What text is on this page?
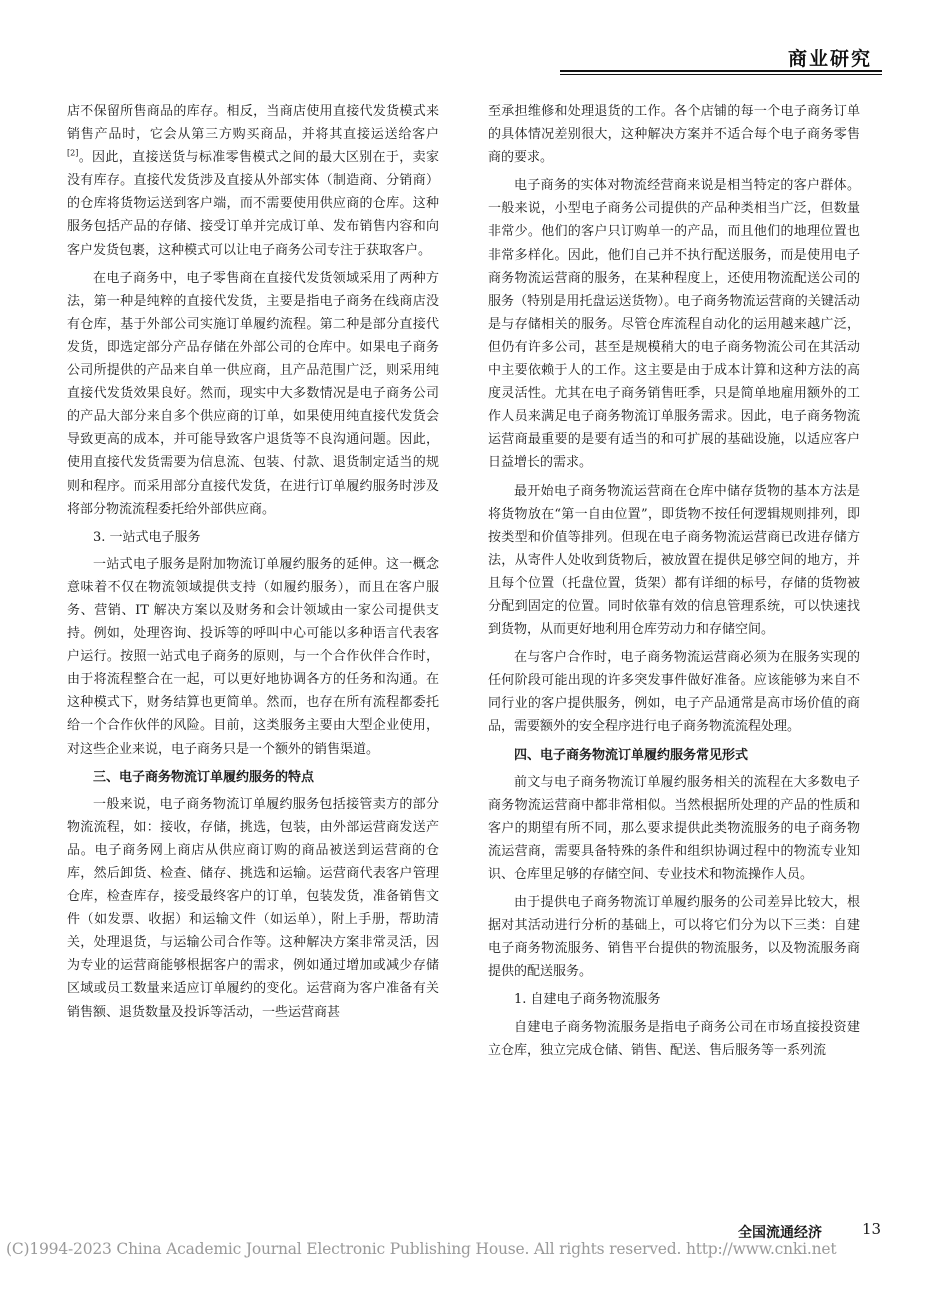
商业研究

店不保留所售商品的库存。相反，当商店使用直接代发货模式来销售产品时，它会从第三方购买商品，并将其直接运送给客户[2]。因此，直接送货与标准零售模式之间的最大区别在于，卖家没有库存。直接代发货涉及直接从外部实体（制造商、分销商）的仓库将货物运送到客户端，而不需要使用供应商的仓库。这种服务包括产品的存储、接受订单并完成订单、发布销售内容和向客户发货包裹，这种模式可以让电子商务公司专注于获取客户。

在电子商务中，电子零售商在直接代发货领域采用了两种方法，第一种是纯粹的直接代发货，主要是指电子商务在线商店没有仓库，基于外部公司实施订单履约流程。第二种是部分直接代发货，即选定部分产品存储在外部公司的仓库中。如果电子商务公司所提供的产品来自单一供应商，且产品范围广泛，则采用纯直接代发货效果良好。然而，现实中大多数情况是电子商务公司的产品大部分来自多个供应商的订单，如果使用纯直接代发货会导致更高的成本，并可能导致客户退货等不良沟通问题。因此，使用直接代发货需要为信息流、包装、付款、退货制定适当的规则和程序。而采用部分直接代发货，在进行订单履约服务时涉及将部分物流流程委托给外部供应商。

3. 一站式电子服务

一站式电子服务是附加物流订单履约服务的延伸。这一概念意味着不仅在物流领域提供支持（如履约服务），而且在客户服务、营销、IT 解决方案以及财务和会计领域由一家公司提供支持。例如，处理咨询、投诉等的呼叫中心可能以多种语言代表客户运行。按照一站式电子商务的原则，与一个合作伙伴合作时，由于将流程整合在一起，可以更好地协调各方的任务和沟通。在这种模式下，财务结算也更简单。然而，也存在所有流程都委托给一个合作伙伴的风险。目前，这类服务主要由大型企业使用，对这些企业来说，电子商务只是一个额外的销售渠道。

三、电子商务物流订单履约服务的特点

一般来说，电子商务物流订单履约服务包括接管卖方的部分物流流程，如：接收，存储，挑选，包装，由外部运营商发送产品。电子商务网上商店从供应商订购的商品被送到运营商的仓库，然后卸货、检查、储存、挑选和运输。运营商代表客户管理仓库，检查库存，接受最终客户的订单，包装发货，准备销售文件（如发票、收据）和运输文件（如运单），附上手册，帮助清关，处理退货，与运输公司合作等。这种解决方案非常灵活，因为专业的运营商能够根据客户的需求，例如通过增加或减少存储区域或员工数量来适应订单履约的变化。运营商为客户准备有关销售额、退货数量及投诉等活动，一些运营商甚

至承担维修和处理退货的工作。各个店铺的每一个电子商务订单的具体情况差别很大，这种解决方案并不适合每个电子商务零售商的要求。

电子商务的实体对物流经营商来说是相当特定的客户群体。一般来说，小型电子商务公司提供的产品种类相当广泛，但数量非常少。他们的客户只订购单一的产品，而且他们的地理位置也非常多样化。因此，他们自己并不执行配送服务，而是使用电子商务物流运营商的服务，在某种程度上，还使用物流配送公司的服务（特别是用托盘运送货物）。电子商务物流运营商的关键活动是与存储相关的服务。尽管仓库流程自动化的运用越来越广泛，但仍有许多公司，甚至是规模稍大的电子商务物流公司在其活动中主要依赖于人的工作。这主要是由于成本计算和这种方法的高度灵活性。尤其在电子商务销售旺季，只是简单地雇用额外的工作人员来满足电子商务物流订单服务需求。因此，电子商务物流运营商最重要的是要有适当的和可扩展的基础设施，以适应客户日益增长的需求。

最开始电子商务物流运营商在仓库中储存货物的基本方法是将货物放在“第一自由位置”，即货物不按任何逻辑规则排列，即按类型和价值等排列。但现在电子商务物流运营商已改进存储方法，从寄件人处收到货物后，被放置在提供足够空间的地方，并且每个位置（托盘位置，货架）都有详细的标号，存储的货物被分配到固定的位置。同时依靠有效的信息管理系统，可以快速找到货物，从而更好地利用仓库劳动力和存储空间。

在与客户合作时，电子商务物流运营商必须为在服务实现的任何阶段可能出现的许多突发事件做好准备。应该能够为来自不同行业的客户提供服务，例如，电子产品通常是高市场价值的商品，需要额外的安全程序进行电子商务物流流程处理。

四、电子商务物流订单履约服务常见形式

前文与电子商务物流订单履约服务相关的流程在大多数电子商务物流运营商中都非常相似。当然根据所处理的产品的性质和客户的期望有所不同，那么要求提供此类物流服务的电子商务物流运营商，需要具备特殊的条件和组织协调过程中的物流专业知识、仓库里足够的存储空间、专业技术和物流操作人员。

由于提供电子商务物流订单履约服务的公司差异比较大，根据对其活动进行分析的基础上，可以将它们分为以下三类：自建电子商务物流服务、销售平台提供的物流服务，以及物流服务商提供的配送服务。

1. 自建电子商务物流服务

自建电子商务物流服务是指电子商务公司在市场直接投资建立仓库，独立完成仓储、销售、配送、售后服务等一系列流

全国流通经济	13
(C)1994-2023 China Academic Journal Electronic Publishing House. All rights reserved. http://www.cnki.net
